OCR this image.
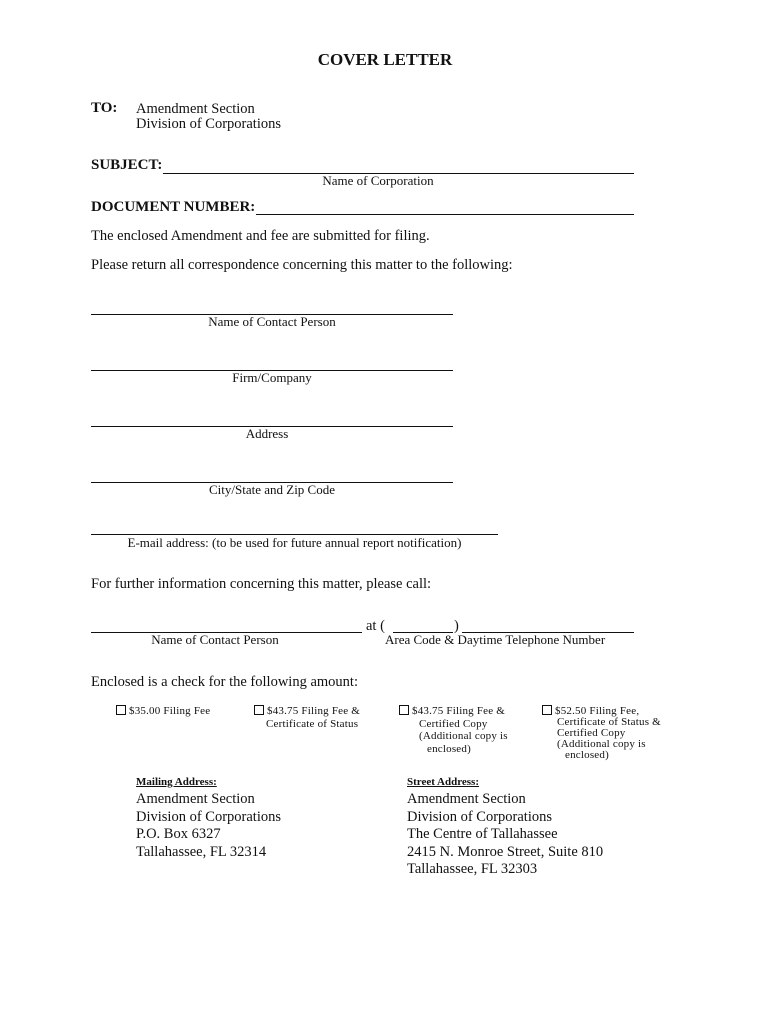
COVER LETTER
TO: Amendment Section
Division of Corporations
SUBJECT:
Name of Corporation
DOCUMENT NUMBER:
The enclosed Amendment and fee are submitted for filing.
Please return all correspondence concerning this matter to the following:
Name of Contact Person
Firm/Company
Address
City/State and Zip Code
E-mail address: (to be used for future annual report notification)
For further information concerning this matter, please call:
Name of Contact Person
at (	)
Area Code & Daytime Telephone Number
Enclosed is a check for the following amount:
$35.00 Filing Fee	$43.75 Filing Fee &
Certificate of Status
$43.75 Filing Fee &
Certified Copy
(Additional copy is
enclosed)
$52.50 Filing Fee,
Certificate of Status &
Certified Copy
(Additional copy is
enclosed)
Mailing Address:
Amendment Section
Division of Corporations
P.O. Box 6327
Tallahassee, FL 32314
Street Address:
Amendment Section
Division of Corporations
The Centre of Tallahassee
2415 N. Monroe Street, Suite 810
Tallahassee, FL 32303
